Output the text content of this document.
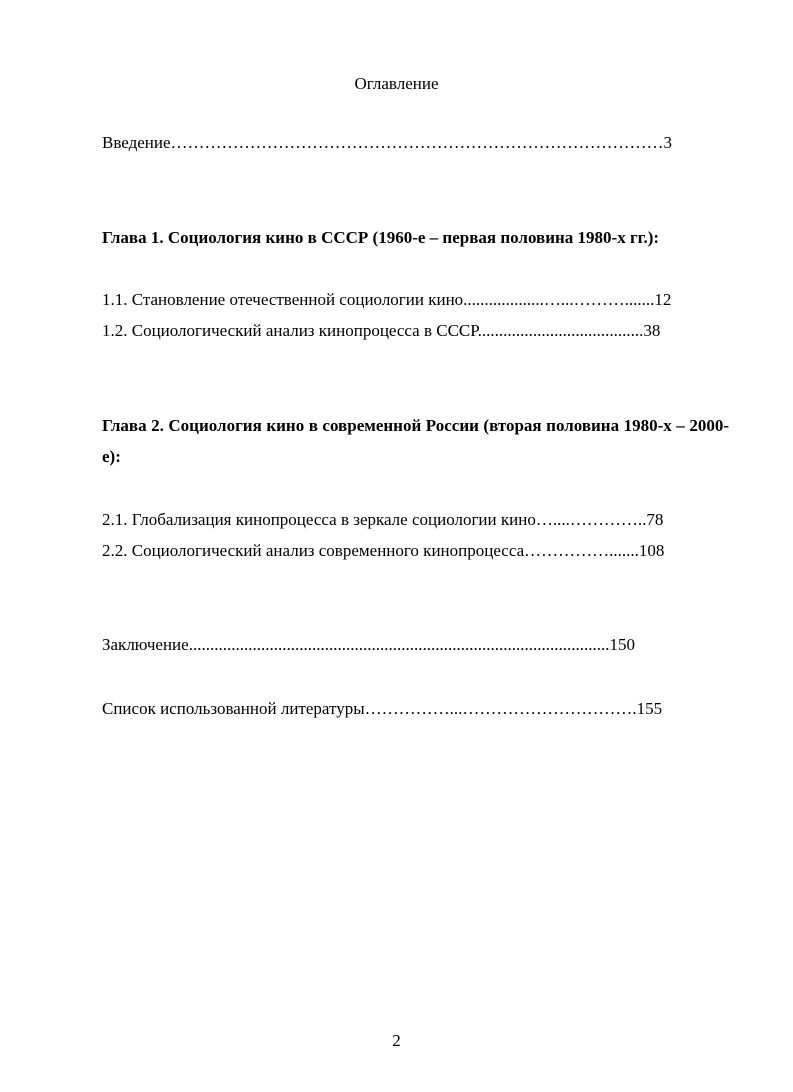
Оглавление
Введение……………………………………………………………………………3
Глава 1. Социология кино в СССР (1960-е – первая половина 1980-х гг.):
1.1. Становление отечественной социологии кино...................…...……….......12
1.2. Социологический анализ кинопроцесса в СССР.......................................38
Глава 2. Социология кино в современной России (вторая половина 1980-х – 2000-е):
2.1. Глобализация кинопроцесса в зеркале социологии кино…....…………..78
2.2. Социологический анализ современного кинопроцесса…………….......108
Заключение...................................................................................................150
Список использованной литературы……………...………………………….155
2
